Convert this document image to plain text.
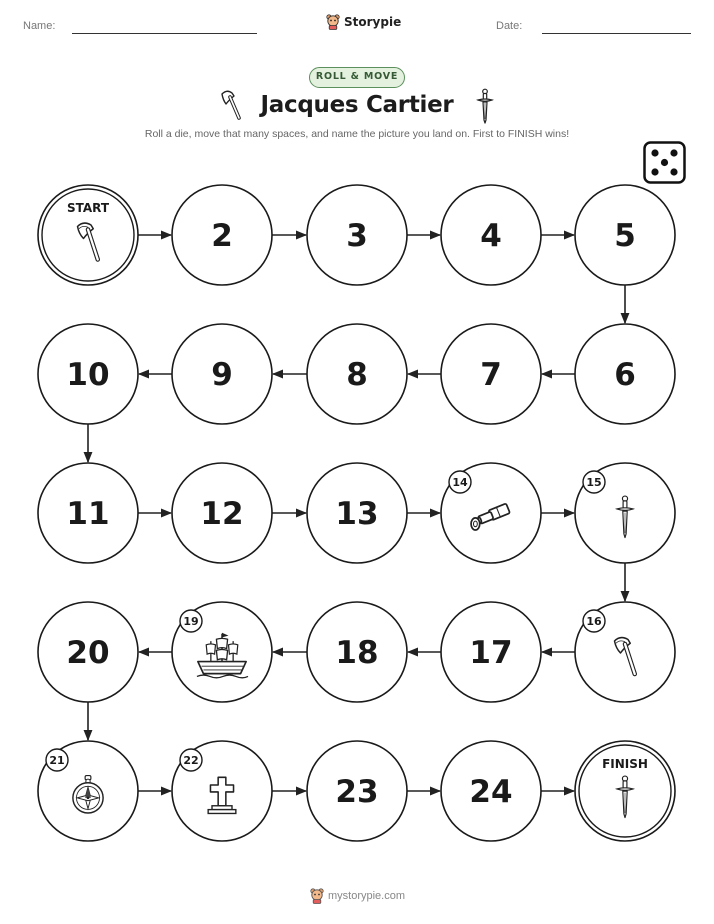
Name:	Date:
Storypie
ROLL & MOVE
Jacques Cartier
Roll a die, move that many spaces, and name the picture you land on. First to FINISH wins!
START
2	3	4	5
6
7
8
9
10
11	12	13
14	15
16
17
18
19
20
21	22
23	24
FINISH
mystorypie.com
